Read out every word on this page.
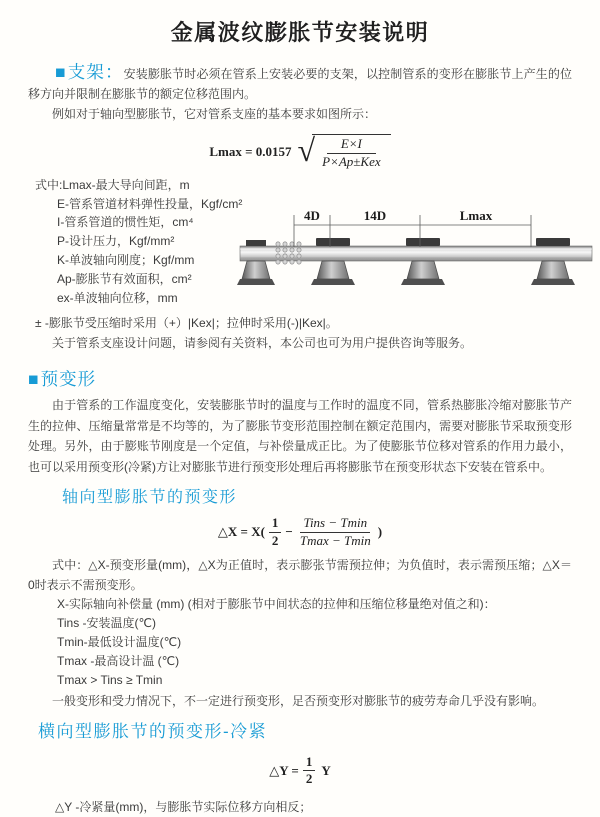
金属波纹膨胀节安装说明

■支架：安装膨胀节时必须在管系上安装必要的支架，以控制管系的变形在膨胀节上产生的位移方向并限制在膨胀节的额定位移范围内。

例如对于轴向型膨胀节，它对管系支座的基本要求如图所示：

Lmax = 0.0157 √	E×I
P×Ap±Kex
式中:Lmax-最大导向间距，m
E-管系管道材料弹性投量，Kgf/cm²
I-管系管道的惯性矩，cm⁴
P-设计压力，Kgf/mm²
K-单波轴向刚度；Kgf/mm
Ap-膨胀节有效面积，cm²
ex-单波轴向位移，mm
4D	14D	Lmax

± -膨胀节受压缩时采用（+）|Kex|；拉伸时采用(-)|Kex|。

关于管系支座设计问题，请参阅有关资料，本公司也可为用户提供咨询等服务。

■预变形

由于管系的工作温度变化，安装膨胀节时的温度与工作时的温度不同，管系热膨胀冷缩对膨胀节产生的拉伸、压缩量常常是不均等的，为了膨胀节变形范围控制在额定范围内，需要对膨胀节采取预变形处理。另外，由于膨账节刚度是一个定值，与补偿量成正比。为了使膨胀节位移对管系的作用力最小，也可以采用预变形(冷紧)方让对膨胀节进行预变形处理后再将膨胀节在预变形状态下安装在管系中。

轴向型膨胀节的预变形
△X = $X( \frac{1}{2} - \frac{\text{Tins − Tmin}}{Tmax - Tmin}$ )

式中：△X-预变形量(mm)，△X为正值时，表示膨张节需预拉伸；为负值时，表示需预压缩；△X＝0时表示不需预变形。

X-实际轴向补偿量 (mm) (相对于膨胀节中间状态的拉伸和压缩位移量绝对值之和)：
Tins -安装温度(℃)
Tmin-最低设计温度(℃)
Tmax -最高设计温 (℃)
Tmax > Tins ≥ Tmin

一般变形和受力情况下，不一定进行预变形，足否预变形对膨胀节的疲劳寿命几乎没有影响。

横向型膨胀节的预变形-冷紧
△Y = $\frac{1}{2}$ Y

△Y -冷紧量(mm)，与膨胀节实际位移方向相反；
